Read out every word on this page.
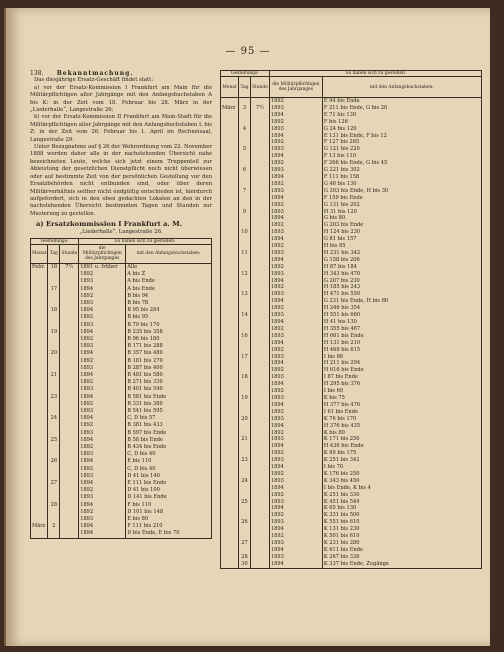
— 95 —
138. Bekanntmachung.

Das diesjährige Ersatz-Geschäft findet statt:

a) vor der Ersatz-Kommission I Frankfurt am Main für die Militärpflichtigen aller Jahrgänge mit den Anfangsbuchstaben A bis K: in der Zeit vom 18. Februar bis 28. März in der „Liederhalle“, Langestraße 26;

b) vor der Ersatz-Kommission II Frankfurt am Main-Stadt für die Militärpflichtigen aller Jahrgänge mit den Anfangsbuchstaben L bis Z: in der Zeit vom 26. Februar bis 1. April im Rechneisaal, Langestraße 29.

Unter Bezugnahme auf § 26 der Wehrordnung vom 22. November 1888 werden daher alle in der nachstehenden Übersicht nahe bezeichneten Leute, welche sich jetzt einem Truppenteil zur Ableistung der gesetzlichen Dienstpflicht noch nicht überwiesen oder auf bestimmte Zeit von der persönlichen Gestellung vor den Ersatzbehörden nicht entbunden sind, oder über deren Militärverhältnis seither nicht endgültig entschieden ist, hierdurch aufgefordert, sich in den oben gedachten Lokalen an den in der nachstehenden Übersicht bestimmten Tagen und Stunden zur Musterung zu gestellen.

a) Ersatzkommission I Frankfurt a. M.
„Liederhalle“, Langestraße 26.
Gestellungs-			Es haben sich zu gestellen:	
Monat	Tag	Stunde	die Militärpflichtigen des Jahrganges	mit den Anfangsbuchstaben:
Febr.	18	7½	1891 u. früher	Alle
			1892	A bis Z
			1893	A bis Ende
	17		1894	A bis Ende
			1892	B bis 94
			1893	B bis 78
	18		1894	B 95 bis 284
			1892	B bis 95
			1893	B 79 bis 170
	19		1894	B 235 bis 358
			1892	B 96 bis 180
			1893	B 171 bis 288
	20		1894	B 357 bis 480
			1892	B 181 bis 270
			1893	B 287 bis 400
	21		1894	B 481 bis 580
			1892	B 271 bis 330
			1893	B 401 bis 540
	23		1894	B 581 bis Ende
			1892	B 331 bis 380
			1893	B 541 bis 595
	24		1894	C, D bis 57
			1892	B 381 bis 433
			1893	B 597 bis Ende
	25		1894	B 58 bis Ende
			1892	B 434 bis Ende
			1893	C, D bis 40
	26		1894	E bis 110
			1892	C, D bis 40
			1893	D 41 bis 140
	27		1894	E 111 bis Ende
			1892	D 41 bis 100
			1893	D 141 bis Ende
	28		1894	F bis 110
			1892	D 101 bis 148
			1893	E bis 80
März	2		1894	F 111 bis 210
			1894	D bis Ende, E bis 70
Gestellungs-			Es haben sich zu gestellen	
Monat	Tag	Stunde	die Militärpflichtigen des Jahrganges	mit den Anfangsbuchstaben:
			1892	E 94 bis Ende
März	3	7½	1893	F 211 bis Ende, G bis 20
			1894	E 71 bis 130
			1892	F bis 126
	4		1893	G 24 bis 120
			1894	E 131 bis Ende, F bis 12
			1892	F 127 bis 265
	5		1893	G 121 bis 220
			1894	F 13 bis 110
			1892	F 266 bis Ende, G bis 45
	6		1893	G 221 bis 302
			1894	F 111 bis 158
			1892	G 46 bis 130
	7		1893	G 303 bis Ende, H bis 30
			1894	F 159 bis Ende
			1892	G 131 bis 202
	9		1893	H 31 bis 120
			1894	G bis 80
			1892	G 203 bis Ende
	10		1893	H 124 bis 230
			1894	G 81 bis 157
			1892	H bis 85
	11		1893	H 231 bis 342
			1894	G 158 bis 206
			1892	H 87 bis 184
	12		1893	H 343 bis 470
			1894	G 207 bis 230
			1892	H 185 bis 243
	13		1893	H 471 bis 550
			1894	G 231 bis Ende, H bis 80
			1892	H 246 bis 354
	14		1893	H 551 bis 660
			1894	H 41 bis 130
			1892	H 355 bis 467
	16		1893	H 661 bis Ende
			1894	H 131 bis 210
			1892	H 468 bis 615
	17		1893	I bis 86
			1894	H 211 bis 294
			1892	H 616 bis Ende
	18		1893	I 87 bis Ende
			1894	H 295 bis 376
			1892	I bis 60
	19		1893	K bis 75
			1894	H 377 bis 476
			1892	I 61 bis Ende
	20		1893	K 76 bis 170
			1894	H 376 bis 435
			1892	K bis 80
	21		1893	K 171 bis 250
			1894	H 436 bis Ende
			1892	K 89 bis 175
	23		1893	K 251 bis 342
			1894	I bis 70
			1892	K 176 bis 250
	24		1893	K 343 bis 450
			1894	I bis Ende, K bis 4
			1892	K 251 bis 330
	25		1893	K 451 bis 549
			1894	K 65 bis 130
			1892	K 331 bis 500
	26		1893	K 551 bis 610
			1894	K 131 bis 230
			1892	K 501 bis 610
	27		1893	K 231 bis 280
			1894	K 611 bis Ende
	28		1893	K 267 bis 336
	30		1894	K 337 bis Ende, Zugänge
